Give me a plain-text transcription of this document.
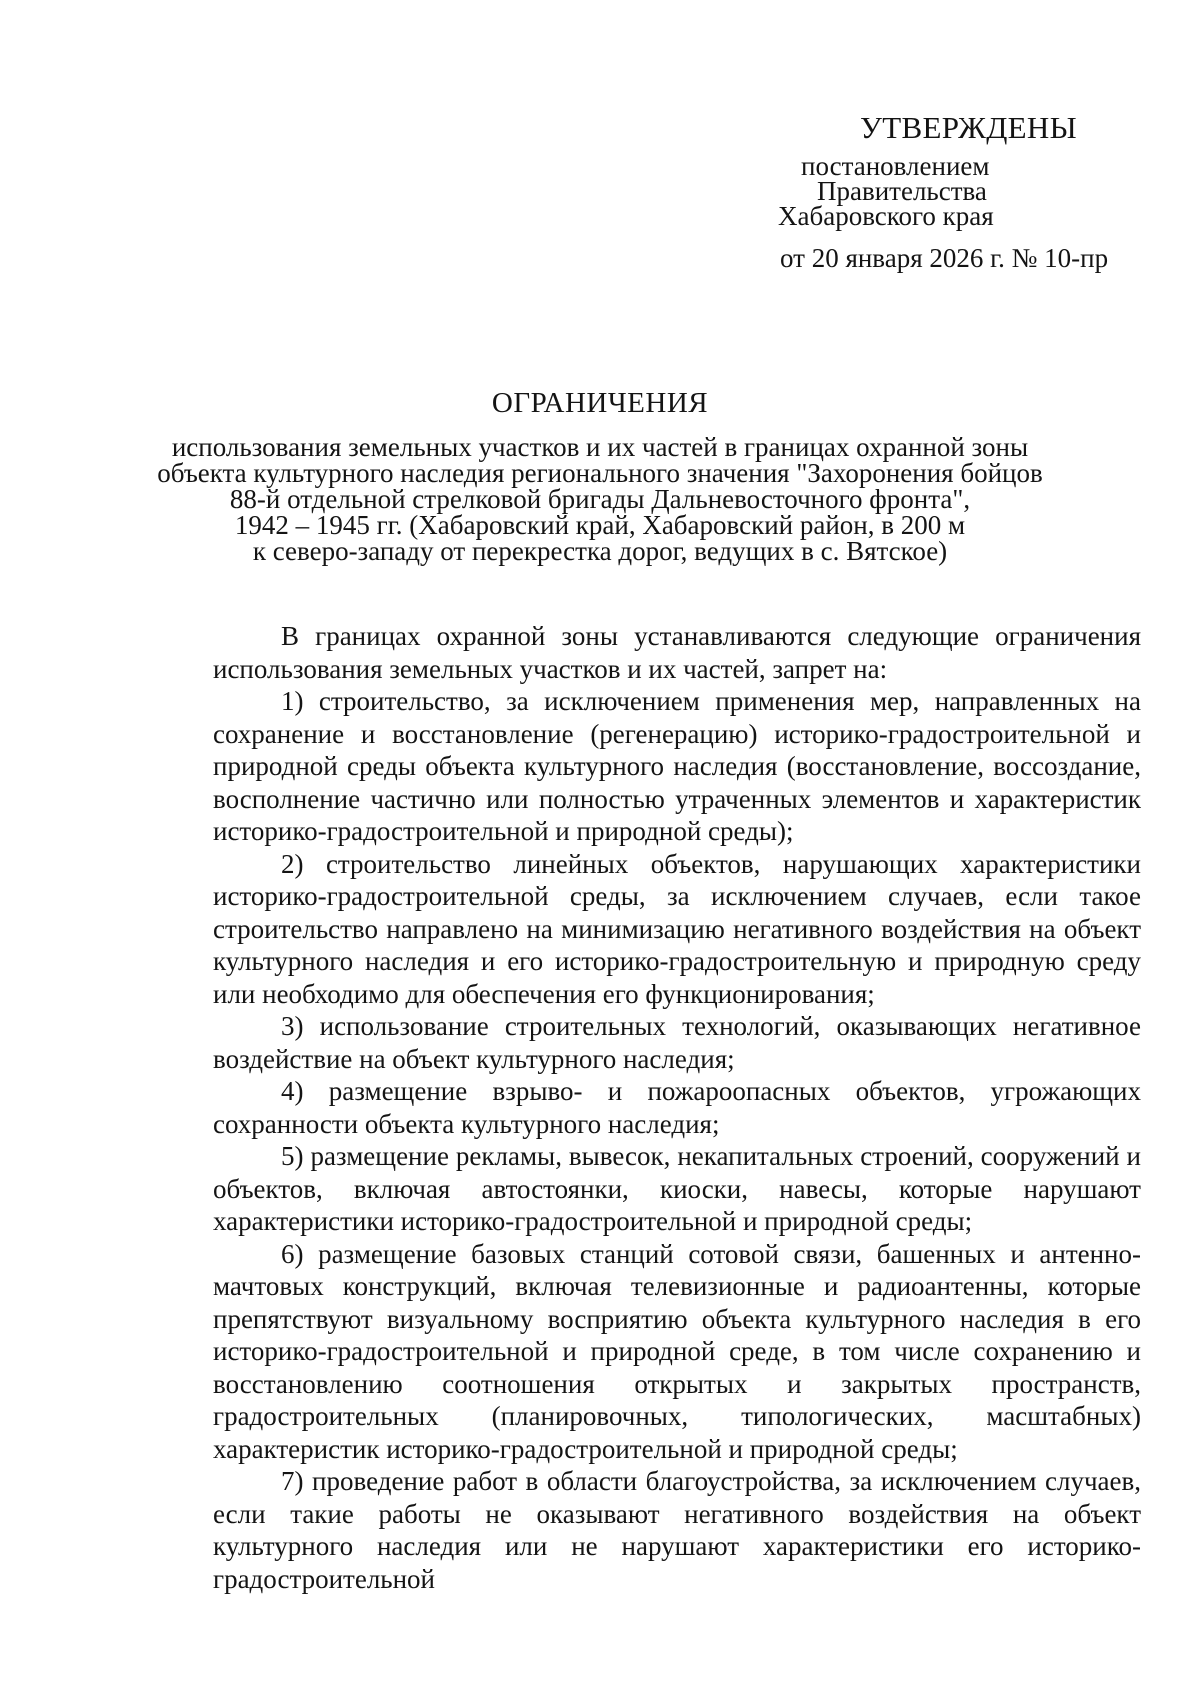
УТВЕРЖДЕНЫ
постановлением
Правительства
Хабаровского края
от 20 января 2026 г. № 10-пр
ОГРАНИЧЕНИЯ
использования земельных участков и их частей в границах охранной зоны
объекта культурного наследия регионального значения "Захоронения бойцов
88-й отдельной стрелковой бригады Дальневосточного фронта",
1942 – 1945 гг. (Хабаровский край, Хабаровский район, в 200 м
к северо-западу от перекрестка дорог, ведущих в с. Вятское)

В границах охранной зоны устанавливаются следующие ограничения использования земельных участков и их частей, запрет на:

1) строительство, за исключением применения мер, направленных на сохранение и восстановление (регенерацию) историко-градостроительной и природной среды объекта культурного наследия (восстановление, воссоздание, восполнение частично или полностью утраченных элементов и характеристик историко-градостроительной и природной среды);

2) строительство линейных объектов, нарушающих характеристики историко-градостроительной среды, за исключением случаев, если такое строительство направлено на минимизацию негативного воздействия на объект культурного наследия и его историко-градостроительную и природную среду или необходимо для обеспечения его функционирования;

3) использование строительных технологий, оказывающих негативное воздействие на объект культурного наследия;

4) размещение взрыво- и пожароопасных объектов, угрожающих сохранности объекта культурного наследия;

5) размещение рекламы, вывесок, некапитальных строений, сооружений и объектов, включая автостоянки, киоски, навесы, которые нарушают характеристики историко-градостроительной и природной среды;

6) размещение базовых станций сотовой связи, башенных и антенно-мачтовых конструкций, включая телевизионные и радиоантенны, которые препятствуют визуальному восприятию объекта культурного наследия в его историко-градостроительной и природной среде, в том числе сохранению и восстановлению соотношения открытых и закрытых пространств, градостроительных (планировочных, типологических, масштабных) характеристик историко-градостроительной и природной среды;

7) проведение работ в области благоустройства, за исключением случаев, если такие работы не оказывают негативного воздействия на объект культурного наследия или не нарушают характеристики его историко-градостроительной
